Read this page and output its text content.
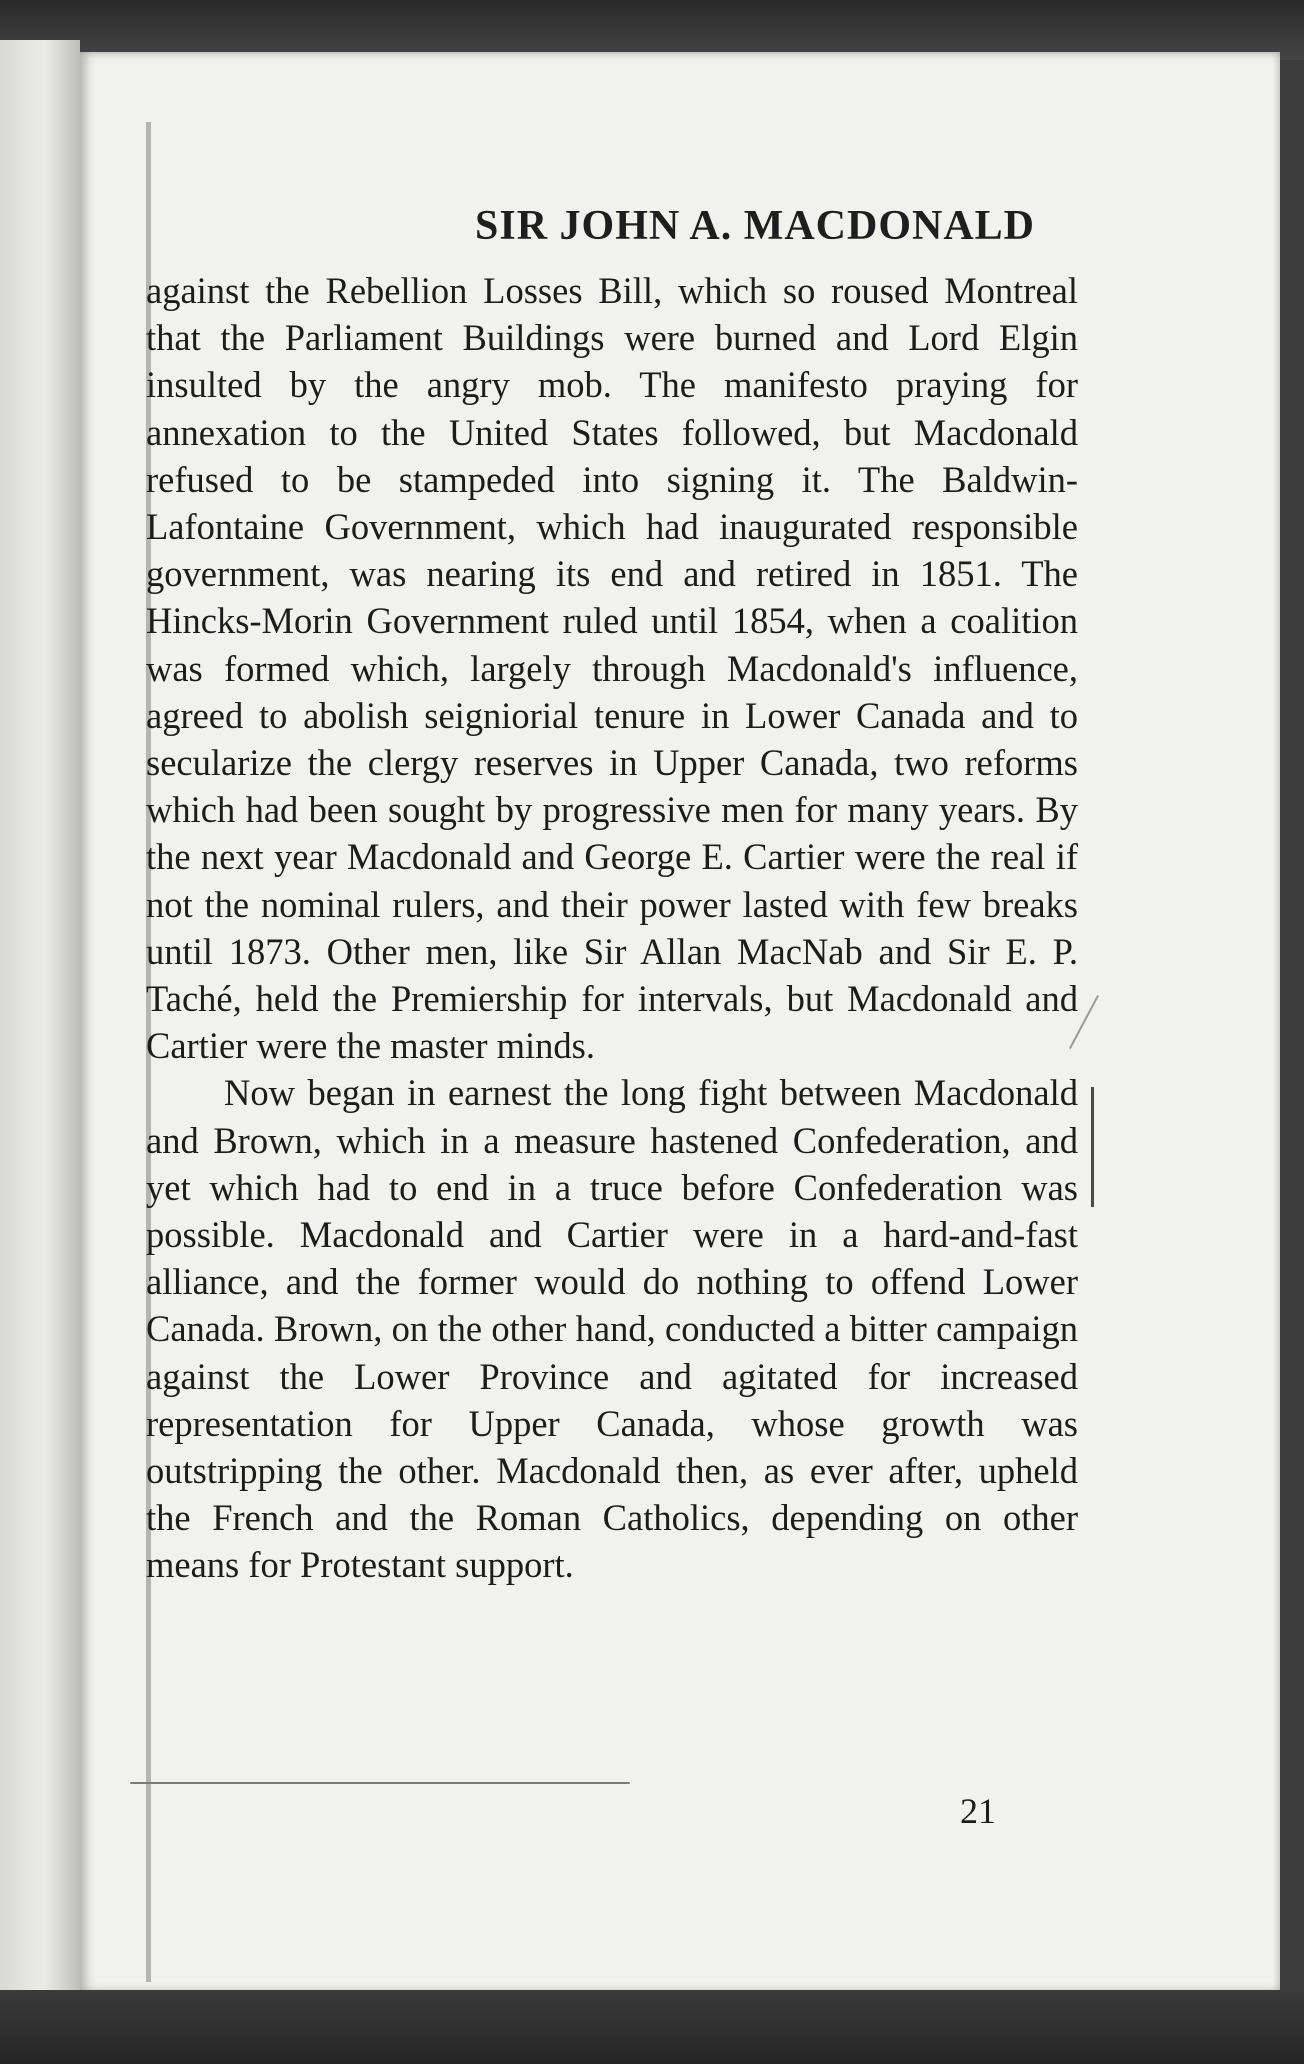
SIR JOHN A. MACDONALD

against the Rebellion Losses Bill, which so roused Montreal that the Parliament Buildings were burned and Lord Elgin insulted by the angry mob. The manifesto praying for annexation to the United States followed, but Macdonald refused to be stampeded into signing it. The Baldwin-Lafontaine Government, which had inaugurated responsible government, was nearing its end and retired in 1851. The Hincks-Morin Government ruled until 1854, when a coalition was formed which, largely through Macdonald's influence, agreed to abolish seigniorial tenure in Lower Canada and to secularize the clergy reserves in Upper Canada, two reforms which had been sought by progressive men for many years. By the next year Macdonald and George E. Cartier were the real if not the nominal rulers, and their power lasted with few breaks until 1873. Other men, like Sir Allan MacNab and Sir E. P. Taché, held the Premiership for intervals, but Macdonald and Cartier were the master minds.

Now began in earnest the long fight between Macdonald and Brown, which in a measure hastened Confederation, and yet which had to end in a truce before Confederation was possible. Macdonald and Cartier were in a hard-and-fast alliance, and the former would do nothing to offend Lower Canada. Brown, on the other hand, conducted a bitter campaign against the Lower Province and agitated for increased representation for Upper Canada, whose growth was outstripping the other. Macdonald then, as ever after, upheld the French and the Roman Catholics, depending on other means for Protestant support.

21
